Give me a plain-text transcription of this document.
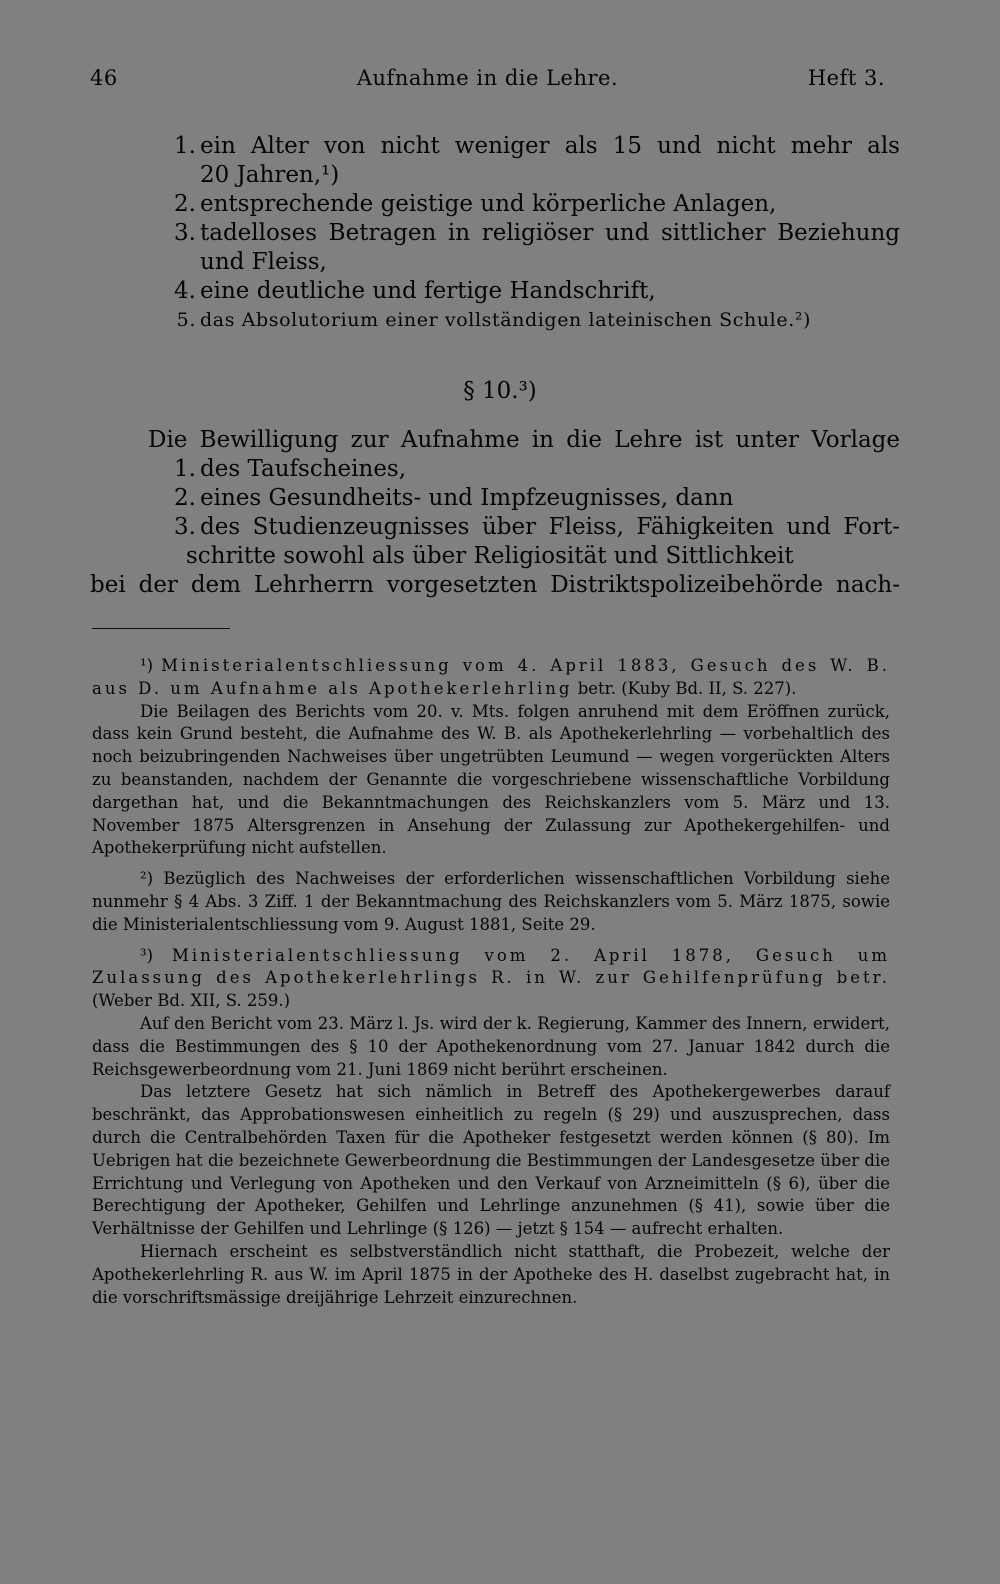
46	Aufnahme in die Lehre.	Heft 3.
1. ein Alter von nicht weniger als 15 und nicht mehr als
20 Jahren,¹)
2. entsprechende geistige und körperliche Anlagen,
3. tadelloses Betragen in religiöser und sittlicher Beziehung
und Fleiss,
4. eine deutliche und fertige Handschrift,
5. das Absolutorium einer vollständigen lateinischen Schule.²)
§ 10.³)
Die Bewilligung zur Aufnahme in die Lehre ist unter Vorlage
1. des Taufscheines,
2. eines Gesundheits- und Impfzeugnisses, dann
3. des Studienzeugnisses über Fleiss, Fähigkeiten und Fort-
schritte sowohl als über Religiosität und Sittlichkeit
bei der dem Lehrherrn vorgesetzten Distriktspolizeibehörde nach-

¹) Ministerialentschliessung vom 4. April 1883, Gesuch des W. B. aus D. um Aufnahme als Apothekerlehrling betr. (Kuby Bd. II, S. 227).

Die Beilagen des Berichts vom 20. v. Mts. folgen anruhend mit dem Eröffnen zurück, dass kein Grund besteht, die Aufnahme des W. B. als Apothekerlehrling — vorbehaltlich des noch beizubringenden Nachweises über ungetrübten Leumund — wegen vorgerückten Alters zu beanstanden, nachdem der Genannte die vorgeschriebene wissenschaftliche Vorbildung dargethan hat, und die Bekanntmachungen des Reichskanzlers vom 5. März und 13. November 1875 Altersgrenzen in Ansehung der Zulassung zur Apothekergehilfen- und Apothekerprüfung nicht aufstellen.

²) Bezüglich des Nachweises der erforderlichen wissenschaftlichen Vorbildung siehe nunmehr § 4 Abs. 3 Ziff. 1 der Bekanntmachung des Reichskanzlers vom 5. März 1875, sowie die Ministerialentschliessung vom 9. August 1881, Seite 29.

³) Ministerialentschliessung vom 2. April 1878, Gesuch um Zulassung des Apothekerlehrlings R. in W. zur Gehilfenprüfung betr. (Weber Bd. XII, S. 259.)

Auf den Bericht vom 23. März l. Js. wird der k. Regierung, Kammer des Innern, erwidert, dass die Bestimmungen des § 10 der Apothekenordnung vom 27. Januar 1842 durch die Reichsgewerbeordnung vom 21. Juni 1869 nicht berührt erscheinen.

Das letztere Gesetz hat sich nämlich in Betreff des Apothekergewerbes darauf beschränkt, das Approbationswesen einheitlich zu regeln (§ 29) und auszusprechen, dass durch die Centralbehörden Taxen für die Apotheker festgesetzt werden können (§ 80). Im Uebrigen hat die bezeichnete Gewerbeordnung die Bestimmungen der Landesgesetze über die Errichtung und Verlegung von Apotheken und den Verkauf von Arzneimitteln (§ 6), über die Berechtigung der Apotheker, Gehilfen und Lehrlinge anzunehmen (§ 41), sowie über die Verhältnisse der Gehilfen und Lehrlinge (§ 126) — jetzt § 154 — aufrecht erhalten.

Hiernach erscheint es selbstverständlich nicht statthaft, die Probezeit, welche der Apothekerlehrling R. aus W. im April 1875 in der Apotheke des H. daselbst zugebracht hat, in die vorschriftsmässige dreijährige Lehrzeit einzurechnen.
